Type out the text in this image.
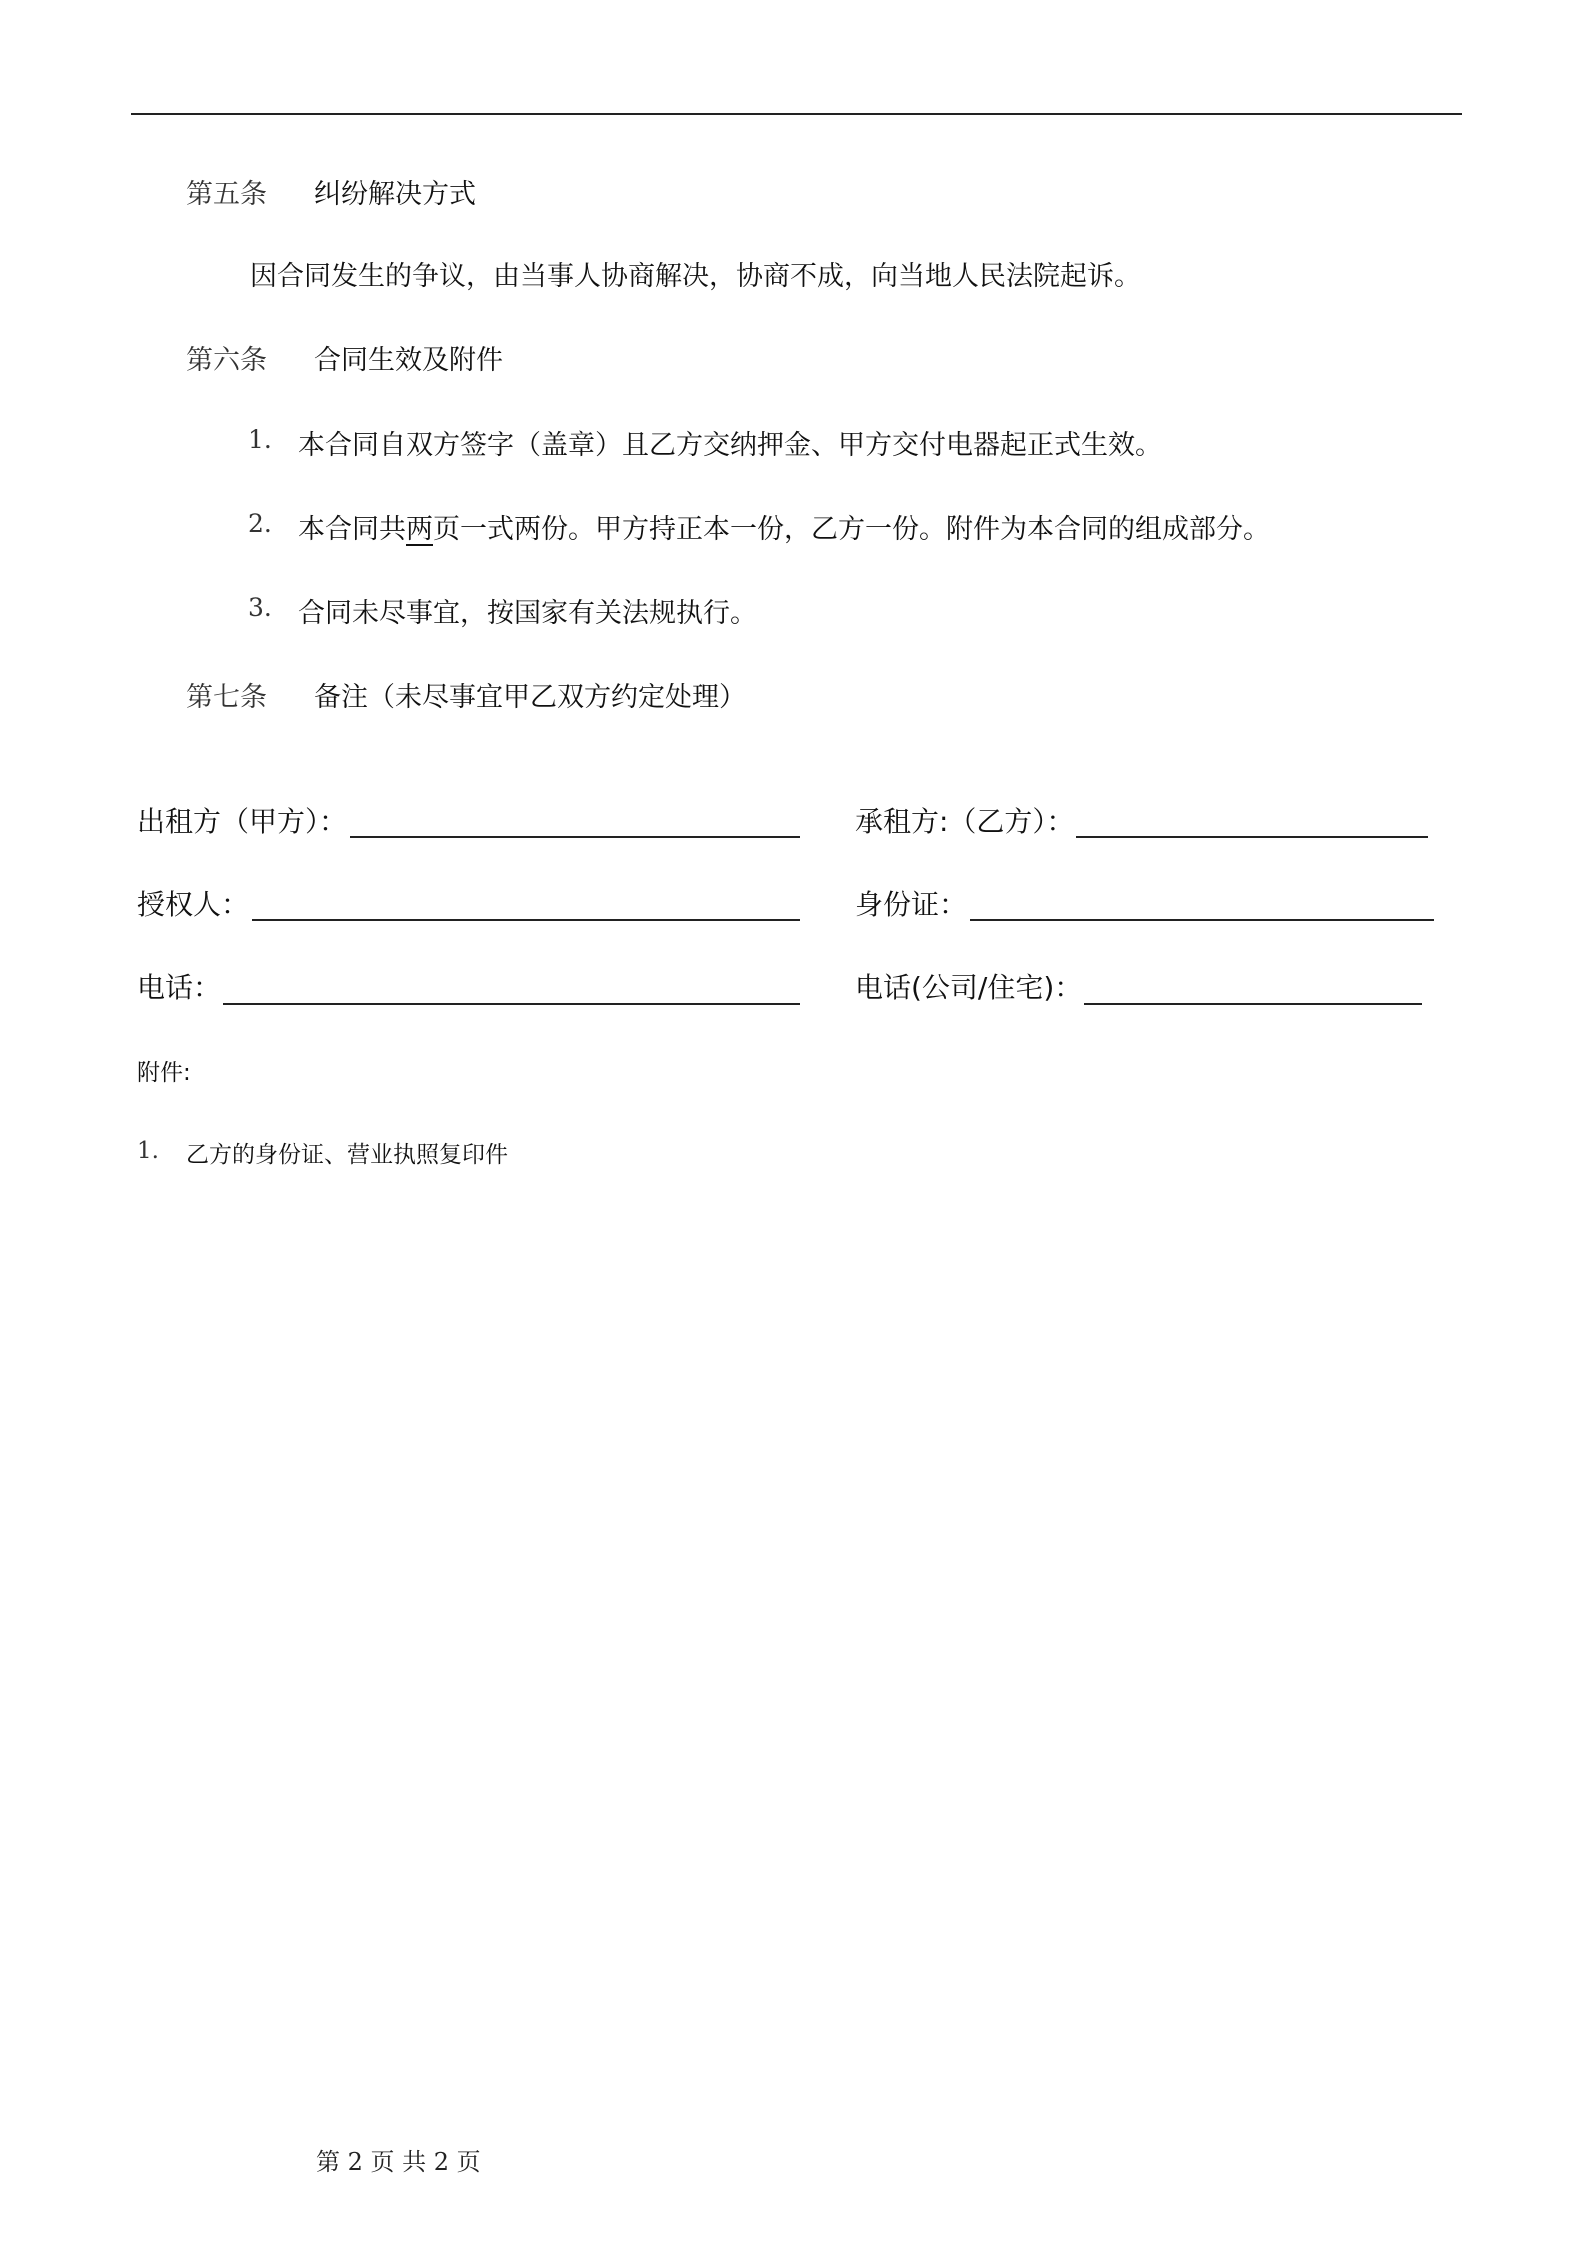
第五条 纠纷解决方式
因合同发生的争议，由当事人协商解决，协商不成，向当地人民法院起诉。
第六条 合同生效及附件
1. 本合同自双方签字（盖章）且乙方交纳押金、甲方交付电器起正式生效。
2. 本合同共两页一式两份。甲方持正本一份，乙方一份。附件为本合同的组成部分。
3. 合同未尽事宜，按国家有关法规执行。
第七条 备注（未尽事宜甲乙双方约定处理）
出租方（甲方）：	承租方:（乙方）：
授权人：	身份证：
电话：	电话(公司/住宅)：
附件:
1. 乙方的身份证、营业执照复印件
第 2 页 共 2 页
